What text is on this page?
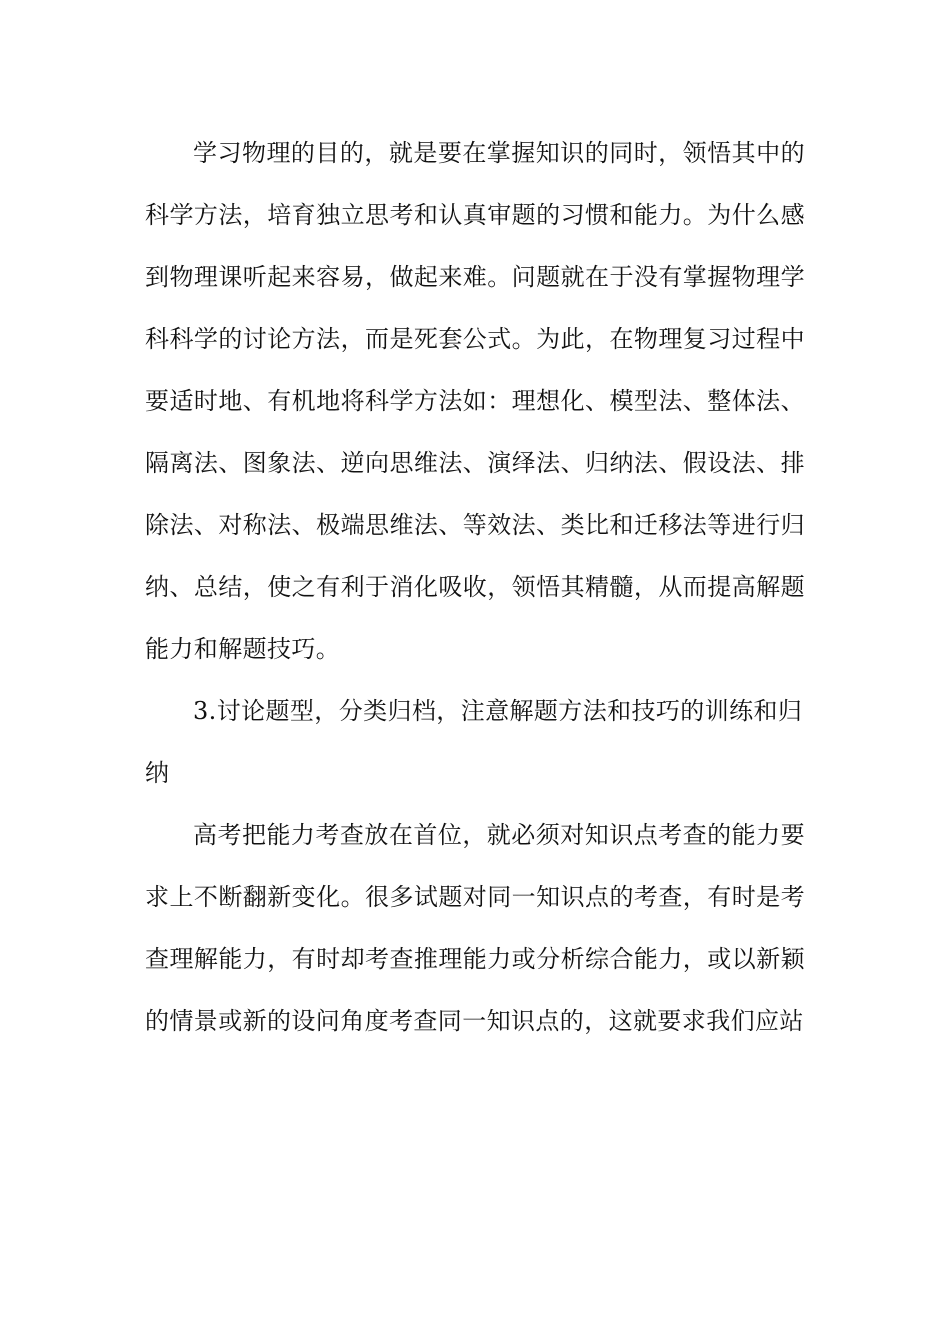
学习物理的目的，就是要在掌握知识的同时，领悟其中的科学方法，培育独立思考和认真审题的习惯和能力。为什么感到物理课听起来容易，做起来难。问题就在于没有掌握物理学科科学的讨论方法，而是死套公式。为此，在物理复习过程中要适时地、有机地将科学方法如：理想化、模型法、整体法、隔离法、图象法、逆向思维法、演绎法、归纳法、假设法、排除法、对称法、极端思维法、等效法、类比和迁移法等进行归纳、总结，使之有利于消化吸收，领悟其精髓，从而提高解题能力和解题技巧。

3.讨论题型，分类归档，注意解题方法和技巧的训练和归纳

高考把能力考查放在首位，就必须对知识点考查的能力要求上不断翻新变化。很多试题对同一知识点的考查，有时是考查理解能力，有时却考查推理能力或分析综合能力，或以新颖的情景或新的设问角度考查同一知识点的，这就要求我们应站
